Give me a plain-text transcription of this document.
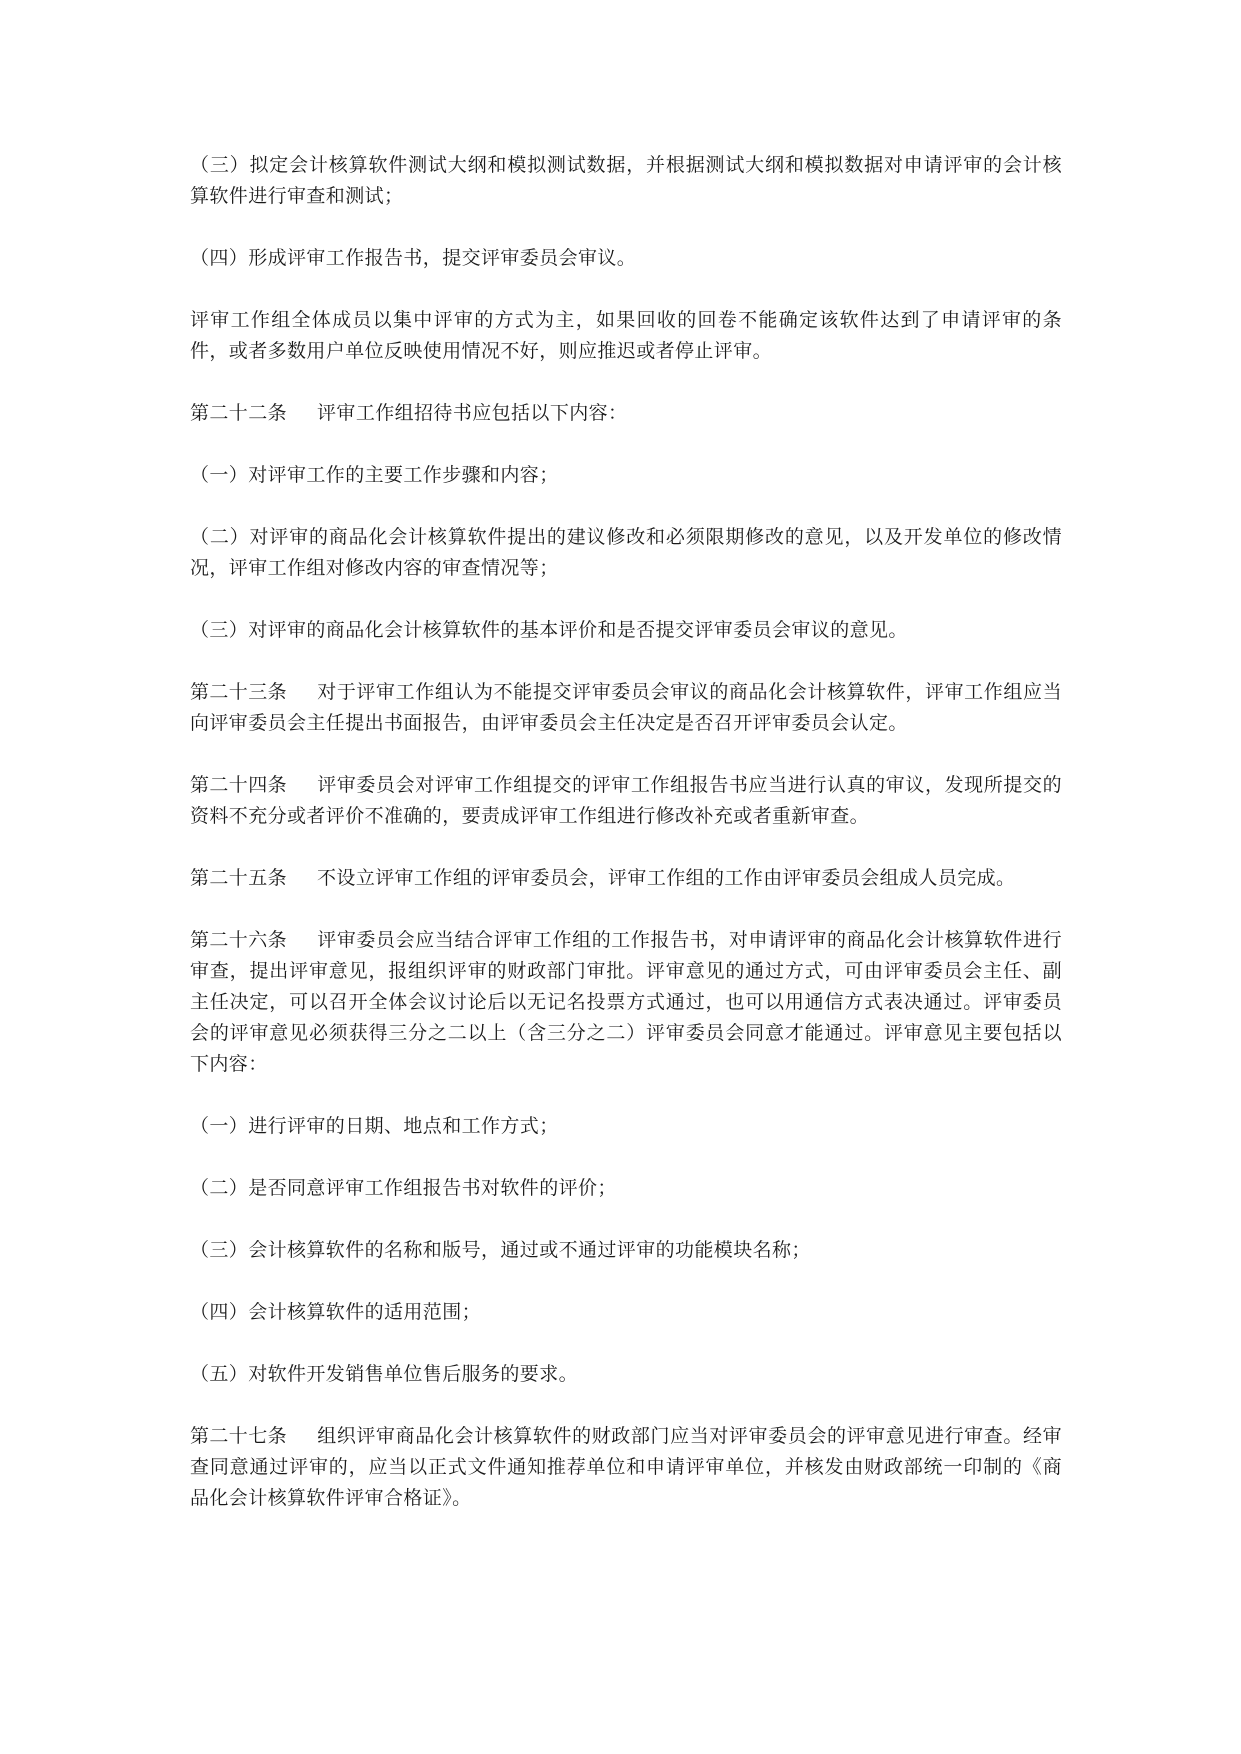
（三）拟定会计核算软件测试大纲和模拟测试数据，并根据测试大纲和模拟数据对申请评审的会计核算软件进行审查和测试；

（四）形成评审工作报告书，提交评审委员会审议。

评审工作组全体成员以集中评审的方式为主，如果回收的回卷不能确定该软件达到了申请评审的条件，或者多数用户单位反映使用情况不好，则应推迟或者停止评审。

第二十二条 评审工作组招待书应包括以下内容：

（一）对评审工作的主要工作步骤和内容；

（二）对评审的商品化会计核算软件提出的建议修改和必须限期修改的意见，以及开发单位的修改情况，评审工作组对修改内容的审查情况等；

（三）对评审的商品化会计核算软件的基本评价和是否提交评审委员会审议的意见。

第二十三条 对于评审工作组认为不能提交评审委员会审议的商品化会计核算软件，评审工作组应当向评审委员会主任提出书面报告，由评审委员会主任决定是否召开评审委员会认定。

第二十四条 评审委员会对评审工作组提交的评审工作组报告书应当进行认真的审议，发现所提交的资料不充分或者评价不准确的，要责成评审工作组进行修改补充或者重新审查。

第二十五条 不设立评审工作组的评审委员会，评审工作组的工作由评审委员会组成人员完成。

第二十六条 评审委员会应当结合评审工作组的工作报告书，对申请评审的商品化会计核算软件进行审查，提出评审意见，报组织评审的财政部门审批。评审意见的通过方式，可由评审委员会主任、副主任决定，可以召开全体会议讨论后以无记名投票方式通过，也可以用通信方式表决通过。评审委员会的评审意见必须获得三分之二以上（含三分之二）评审委员会同意才能通过。评审意见主要包括以下内容：

（一）进行评审的日期、地点和工作方式；

（二）是否同意评审工作组报告书对软件的评价；

（三）会计核算软件的名称和版号，通过或不通过评审的功能模块名称；

（四）会计核算软件的适用范围；

（五）对软件开发销售单位售后服务的要求。

第二十七条 组织评审商品化会计核算软件的财政部门应当对评审委员会的评审意见进行审查。经审查同意通过评审的，应当以正式文件通知推荐单位和申请评审单位，并核发由财政部统一印制的《商品化会计核算软件评审合格证》。
